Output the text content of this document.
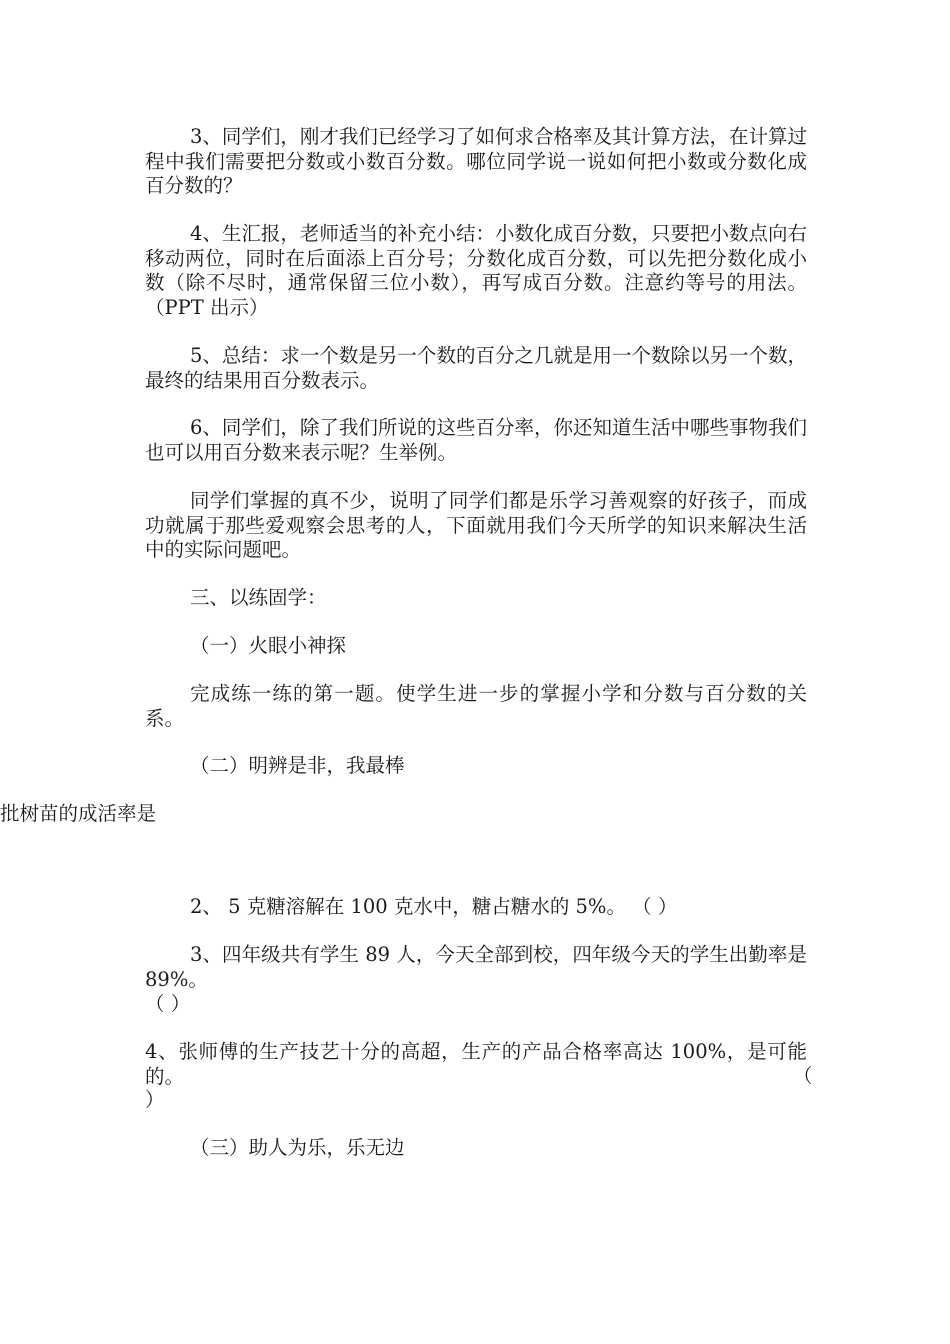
3、同学们，刚才我们已经学习了如何求合格率及其计算方法，在计算过程中我们需要把分数或小数百分数。哪位同学说一说如何把小数或分数化成百分数的？

4、生汇报，老师适当的补充小结：小数化成百分数，只要把小数点向右移动两位，同时在后面添上百分号；分数化成百分数，可以先把分数化成小数（除不尽时，通常保留三位小数），再写成百分数。注意约等号的用法。（PPT 出示）

5、总结：求一个数是另一个数的百分之几就是用一个数除以另一个数，最终的结果用百分数表示。

6、同学们，除了我们所说的这些百分率，你还知道生活中哪些事物我们也可以用百分数来表示呢？生举例。

同学们掌握的真不少，说明了同学们都是乐学习善观察的好孩子，而成功就属于那些爱观察会思考的人，下面就用我们今天所学的知识来解决生活中的实际问题吧。

三、以练固学：

（一）火眼小神探

完成练一练的第一题。使学生进一步的掌握小学和分数与百分数的关系。

（二）明辨是非，我最棒

批树苗的成活率是

2、 5 克糖溶解在 100 克水中，糖占糖水的 5%。 （ ）

3、四年级共有学生 89 人，今天全部到校，四年级今天的学生出勤率是 89%。

（ ）

4、张师傅的生产技艺十分的高超，生产的产品合格率高达 100%，是可能的。	（

）

（三）助人为乐，乐无边
